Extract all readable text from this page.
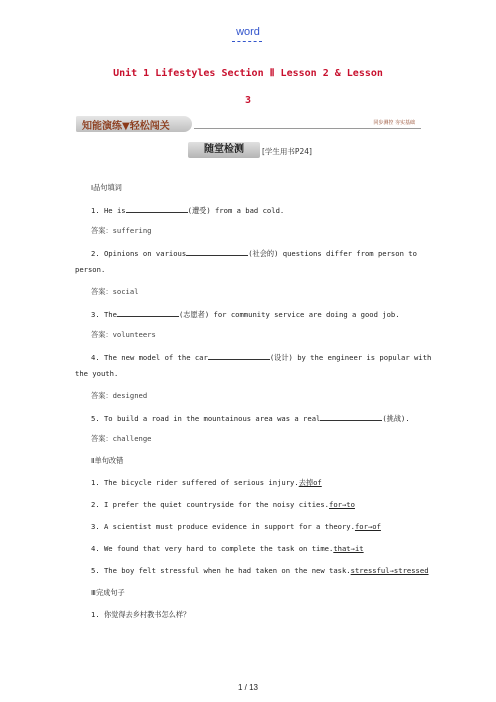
word
Unit 1 Lifestyles Section Ⅱ Lesson 2 & Lesson
3
知能演练▼轻松闯关	同步测控 夯实基础
随堂检测	[学生用书P24]
Ⅰ品句填词
1. He is	(遭受) from a bad cold.
答案：suffering
2. Opinions on various	(社会的) questions differ from person to
person.
答案：social
3. The	(志愿者) for community service are doing a good job.
答案：volunteers
4. The new model of the car	(设计) by the engineer is popular with
the youth.
答案：designed
5. To build a road in the mountainous area was a real	(挑战).
答案：challenge
Ⅱ单句改错
1. The bicycle rider suffered of serious injury.去掉of
2. I prefer the quiet countryside for the noisy cities.for→to
3. A scientist must produce evidence in support for a theory.for→of
4. We found that very hard to complete the task on time.that→it
5. The boy felt stressful when he had taken on the new task.stressful→stressed
Ⅲ完成句子
1. 你觉得去乡村教书怎么样？
1 / 13
